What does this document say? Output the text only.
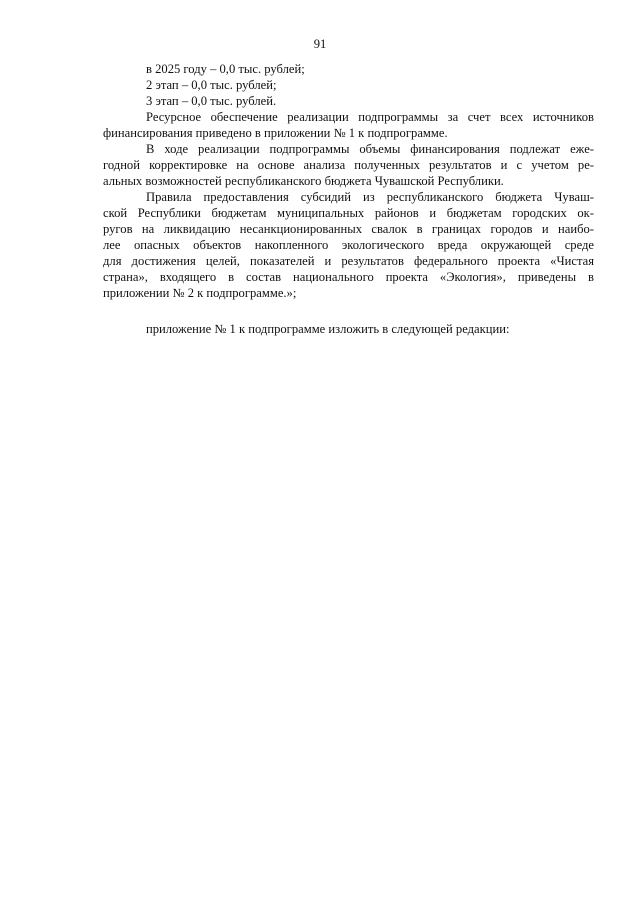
91
в 2025 году – 0,0 тыс. рублей;
2 этап – 0,0 тыс. рублей;
3 этап – 0,0 тыс. рублей.
Ресурсное обеспечение реализации подпрограммы за счет всех источников
финансирования приведено в приложении № 1 к подпрограмме.
В ходе реализации подпрограммы объемы финансирования подлежат еже-
годной корректировке на основе анализа полученных результатов и с учетом ре-
альных возможностей республиканского бюджета Чувашской Республики.
Правила предоставления субсидий из республиканского бюджета Чуваш-
ской Республики бюджетам муниципальных районов и бюджетам городских ок-
ругов на ликвидацию несанкционированных свалок в границах городов и наибо-
лее опасных объектов накопленного экологического вреда окружающей среде
для достижения целей, показателей и результатов федерального проекта «Чистая
страна», входящего в состав национального проекта «Экология», приведены в
приложении № 2 к подпрограмме.»;
приложение № 1 к подпрограмме изложить в следующей редакции:
